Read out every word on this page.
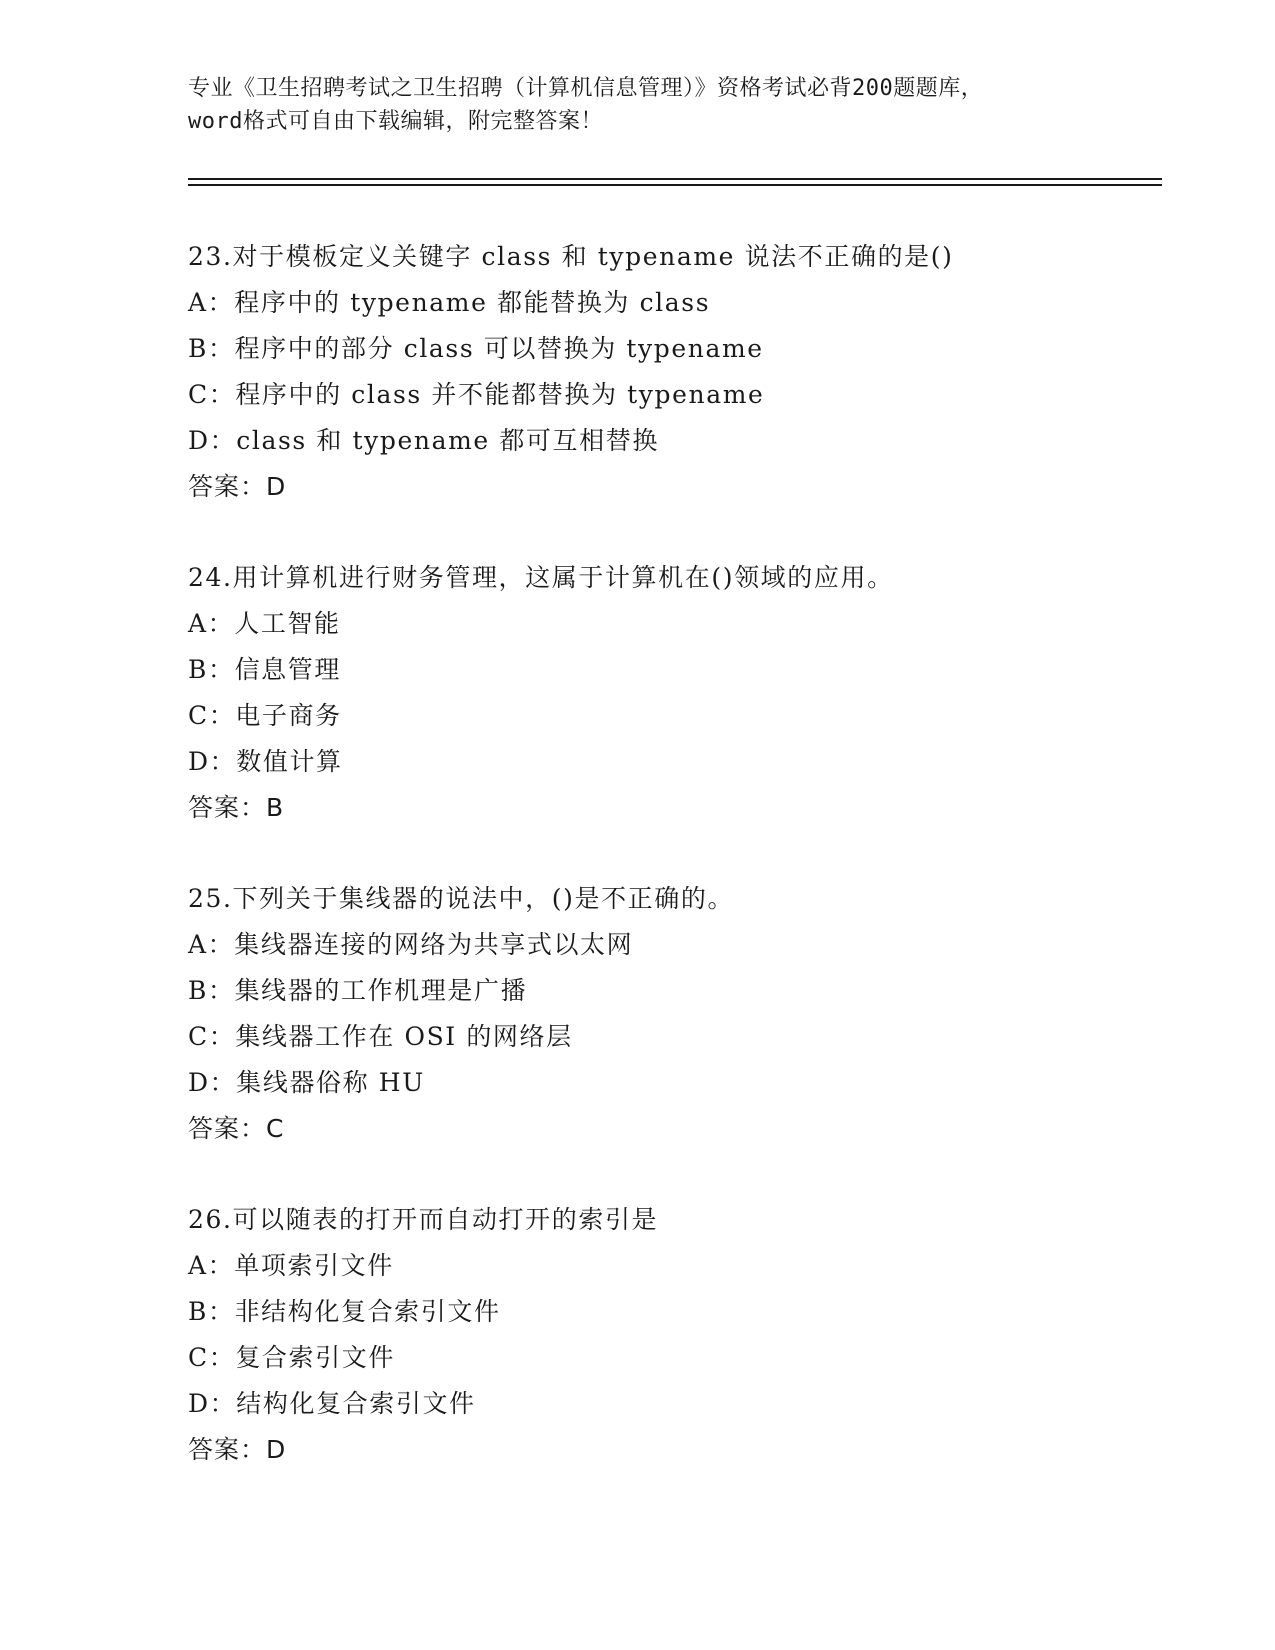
专业《卫生招聘考试之卫生招聘（计算机信息管理）》资格考试必背200题题库，
word格式可自由下载编辑，附完整答案！
23.对于模板定义关键字 class 和 typename 说法不正确的是()
A：程序中的 typename 都能替换为 class
B：程序中的部分 class 可以替换为 typename
C：程序中的 class 并不能都替换为 typename
D：class 和 typename 都可互相替换
答案：D
24.用计算机进行财务管理，这属于计算机在()领域的应用。
A：人工智能
B：信息管理
C：电子商务
D：数值计算
答案：B
25.下列关于集线器的说法中，()是不正确的。
A：集线器连接的网络为共享式以太网
B：集线器的工作机理是广播
C：集线器工作在 OSI 的网络层
D：集线器俗称 HU
答案：C
26.可以随表的打开而自动打开的索引是
A：单项索引文件
B：非结构化复合索引文件
C：复合索引文件
D：结构化复合索引文件
答案：D
